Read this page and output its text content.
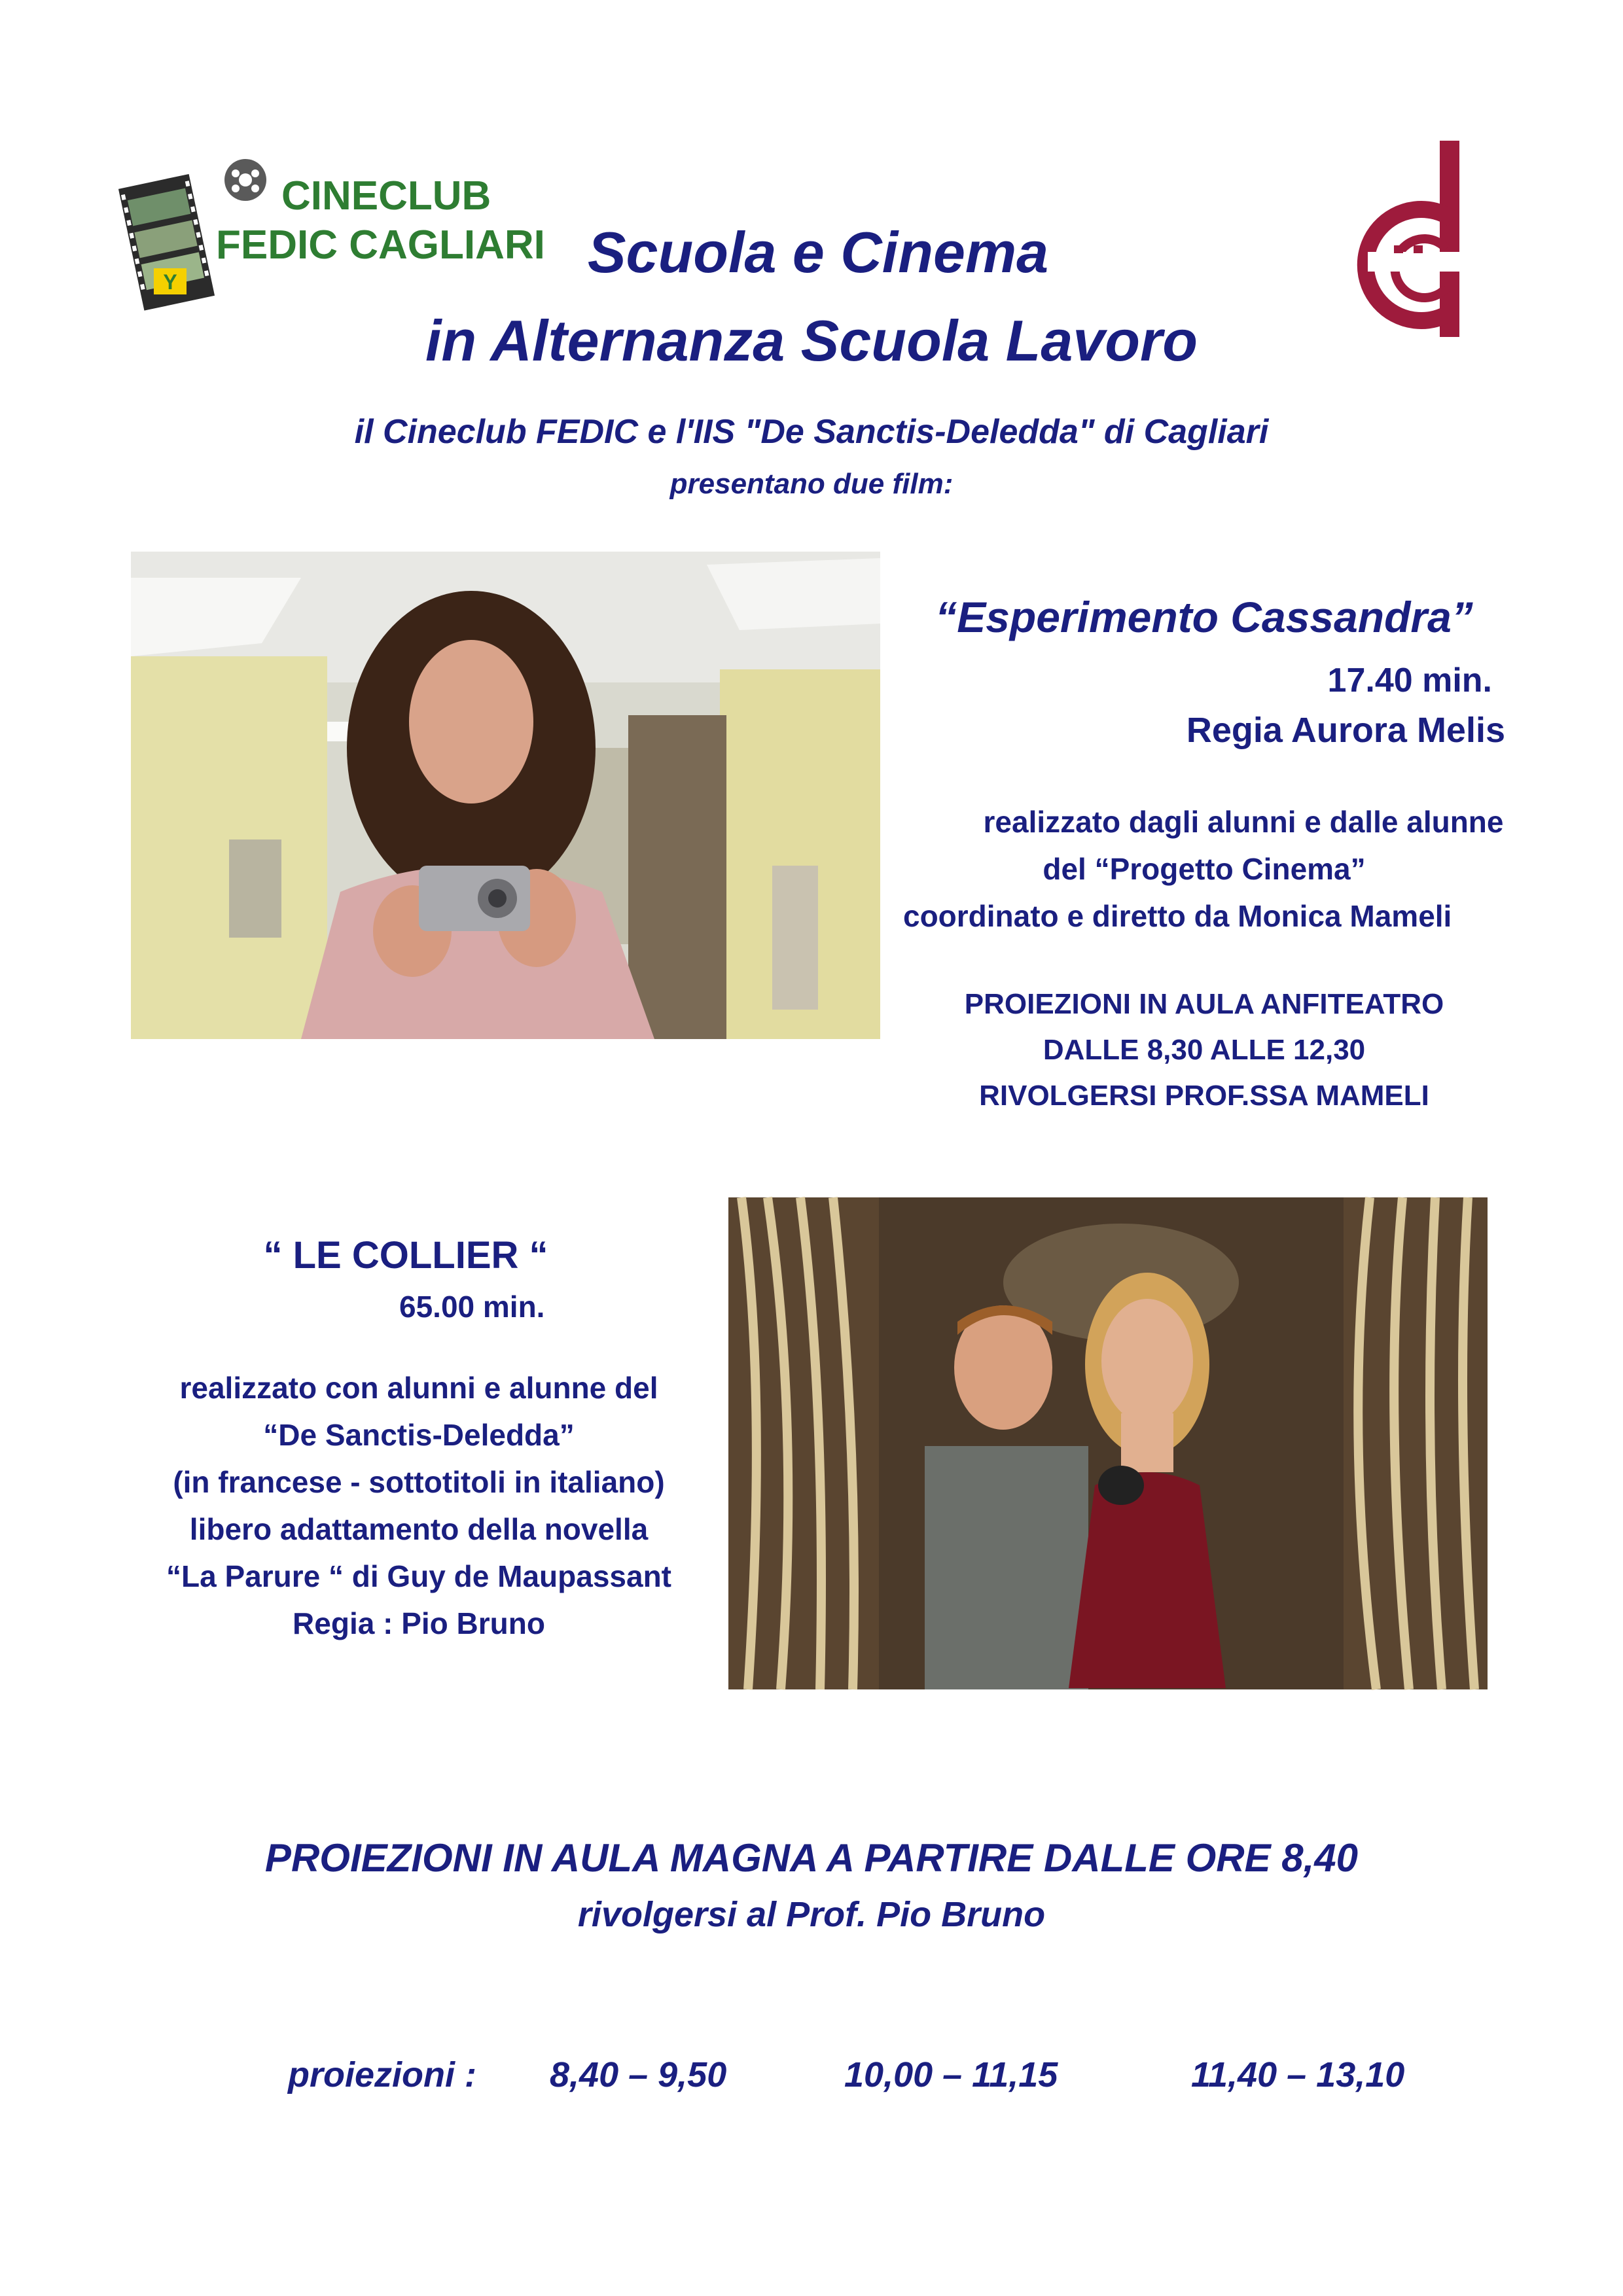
Y
CINECLUB
FEDIC CAGLIARI Scuola e Cinema
in Alternanza Scuola Lavoro
il Cineclub FEDIC e l'IIS "De Sanctis-Deledda" di Cagliari
presentano due film:
“Esperimento Cassandra”
17.40 min.
Regia Aurora Melis
realizzato dagli alunni e dalle alunne
del “Progetto Cinema”
coordinato e diretto da Monica Mameli
PROIEZIONI IN AULA ANFITEATRO
DALLE 8,30 ALLE 12,30
RIVOLGERSI PROF.SSA MAMELI
“ LE COLLIER “
65.00 min.
realizzato con alunni e alunne del
“De Sanctis-Deledda”
(in francese - sottotitoli in italiano)
libero adattamento della novella
“La Parure “ di Guy de Maupassant
Regia : Pio Bruno
PROIEZIONI IN AULA MAGNA A PARTIRE DALLE ORE 8,40
rivolgersi al Prof. Pio Bruno
proiezioni : 8,40 – 9,50	10,00 – 11,15	11,40 – 13,10
